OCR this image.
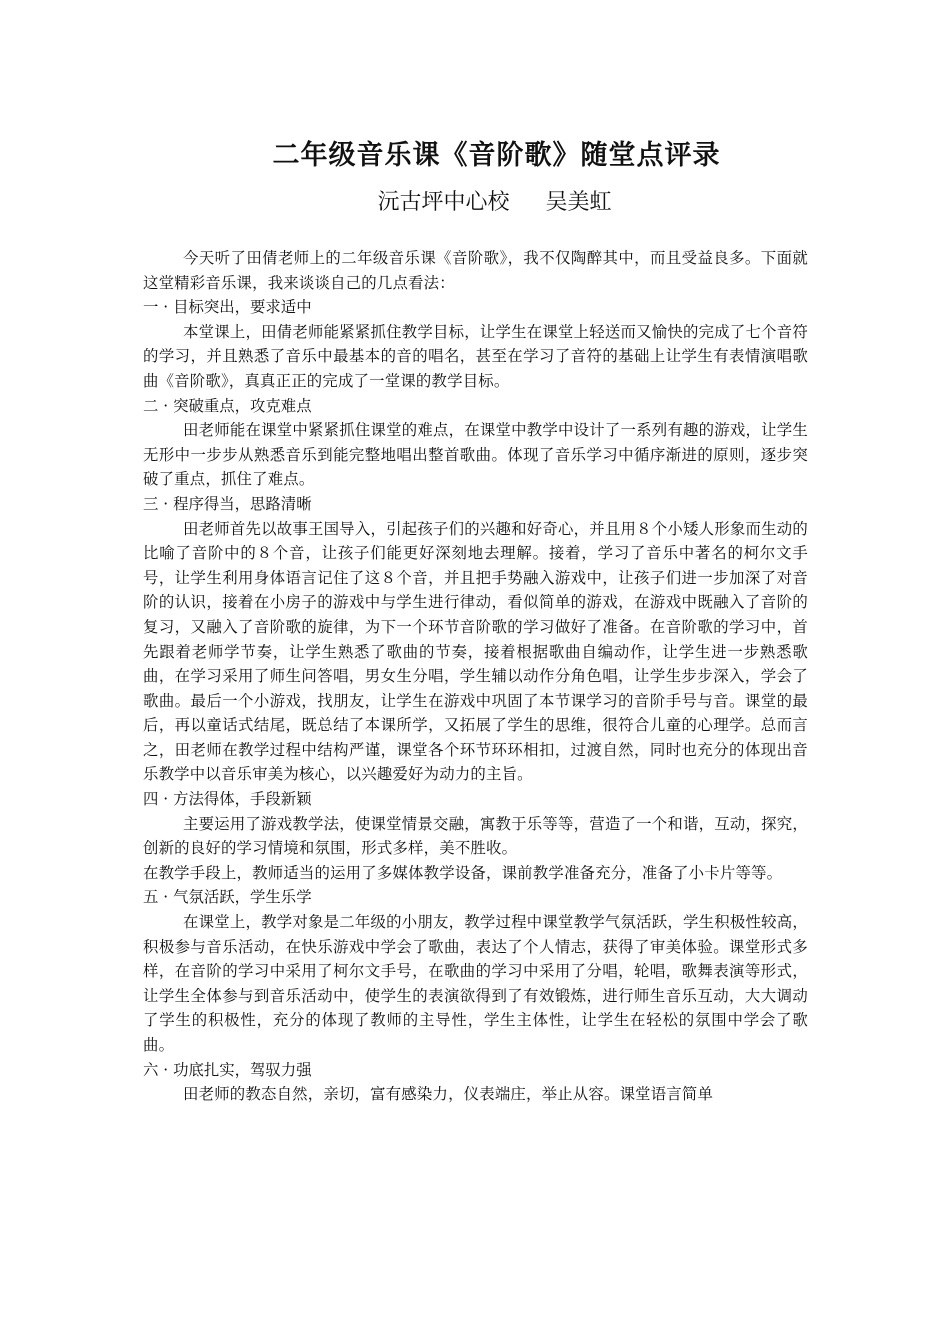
二年级音乐课《音阶歌》随堂点评录
沅古坪中心校 吴美虹

今天听了田倩老师上的二年级音乐课《音阶歌》，我不仅陶醉其中，而且受益良多。下面就这堂精彩音乐课，我来谈谈自己的几点看法：

一 · 目标突出，要求适中

本堂课上，田倩老师能紧紧抓住教学目标，让学生在课堂上轻送而又愉快的完成了七个音符的学习，并且熟悉了音乐中最基本的音的唱名，甚至在学习了音符的基础上让学生有表情演唱歌曲《音阶歌》，真真正正的完成了一堂课的教学目标。

二 · 突破重点，攻克难点

田老师能在课堂中紧紧抓住课堂的难点，在课堂中教学中设计了一系列有趣的游戏，让学生无形中一步步从熟悉音乐到能完整地唱出整首歌曲。体现了音乐学习中循序渐进的原则，逐步突破了重点，抓住了难点。

三 · 程序得当，思路清晰

田老师首先以故事王国导入，引起孩子们的兴趣和好奇心，并且用８个小矮人形象而生动的比喻了音阶中的８个音，让孩子们能更好深刻地去理解。接着，学习了音乐中著名的柯尔文手号，让学生利用身体语言记住了这８个音，并且把手势融入游戏中，让孩子们进一步加深了对音阶的认识，接着在小房子的游戏中与学生进行律动，看似简单的游戏，在游戏中既融入了音阶的复习，又融入了音阶歌的旋律，为下一个环节音阶歌的学习做好了准备。在音阶歌的学习中，首先跟着老师学节奏，让学生熟悉了歌曲的节奏，接着根据歌曲自编动作，让学生进一步熟悉歌曲，在学习采用了师生问答唱，男女生分唱，学生辅以动作分角色唱，让学生步步深入，学会了歌曲。最后一个小游戏，找朋友，让学生在游戏中巩固了本节课学习的音阶手号与音。课堂的最后，再以童话式结尾，既总结了本课所学，又拓展了学生的思维，很符合儿童的心理学。总而言之，田老师在教学过程中结构严谨，课堂各个环节环环相扣，过渡自然，同时也充分的体现出音乐教学中以音乐审美为核心，以兴趣爱好为动力的主旨。

四 · 方法得体，手段新颖

主要运用了游戏教学法，使课堂情景交融，寓教于乐等等，营造了一个和谐，互动，探究，创新的良好的学习情境和氛围，形式多样，美不胜收。

在教学手段上，教师适当的运用了多媒体教学设备，课前教学准备充分，准备了小卡片等等。

五 · 气氛活跃，学生乐学

在课堂上，教学对象是二年级的小朋友，教学过程中课堂教学气氛活跃，学生积极性较高，积极参与音乐活动，在快乐游戏中学会了歌曲，表达了个人情志，获得了审美体验。课堂形式多样，在音阶的学习中采用了柯尔文手号，在歌曲的学习中采用了分唱，轮唱，歌舞表演等形式，让学生全体参与到音乐活动中，使学生的表演欲得到了有效锻炼，进行师生音乐互动，大大调动了学生的积极性，充分的体现了教师的主导性，学生主体性，让学生在轻松的氛围中学会了歌曲。

六 · 功底扎实，驾驭力强

田老师的教态自然，亲切，富有感染力，仪表端庄，举止从容。课堂语言简单
